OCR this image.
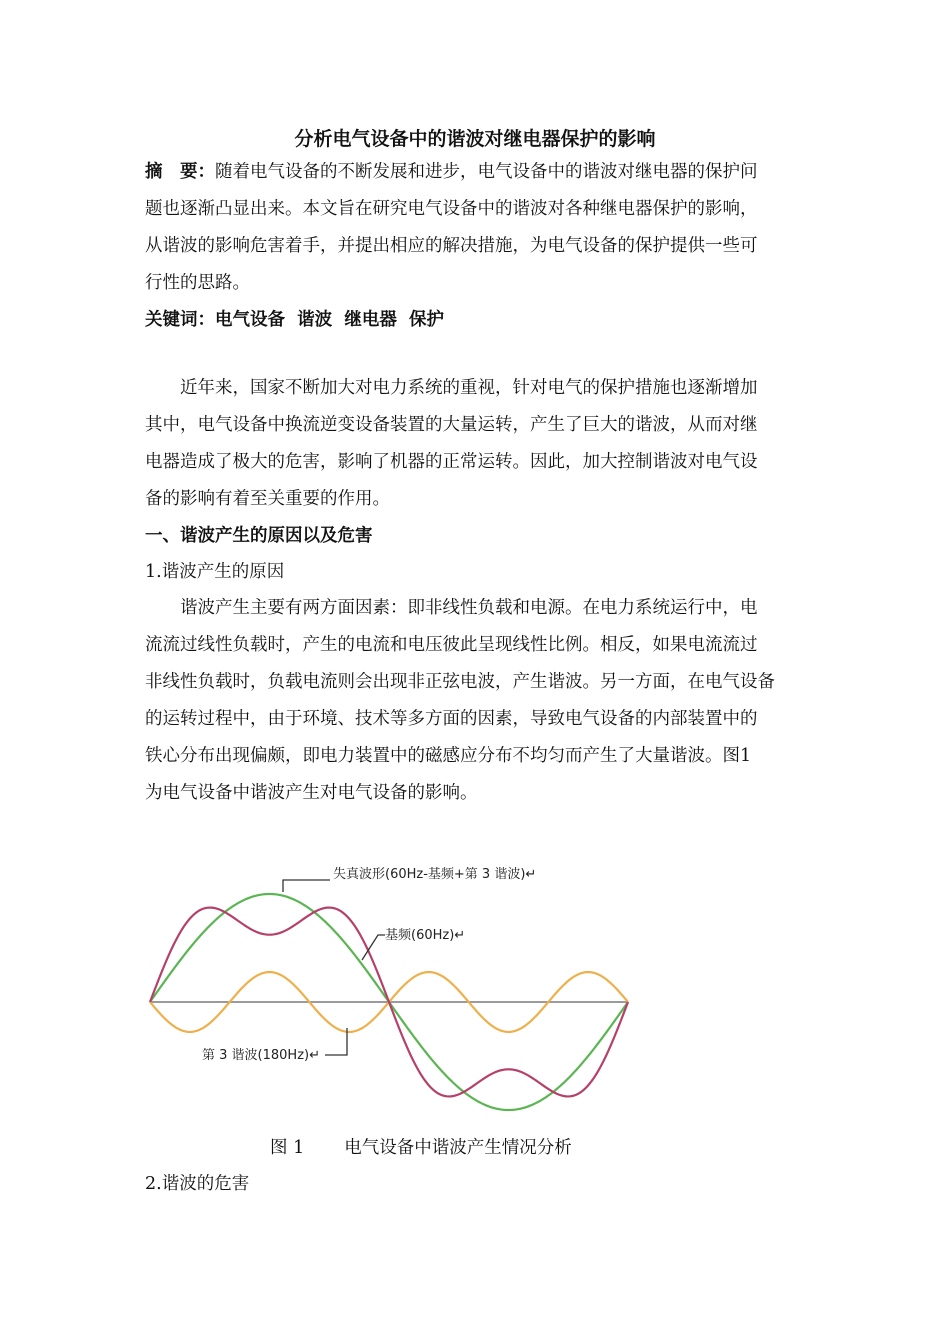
分析电气设备中的谐波对继电器保护的影响
摘　要：随着电气设备的不断发展和进步，电气设备中的谐波对继电器的保护问
题也逐渐凸显出来。本文旨在研究电气设备中的谐波对各种继电器保护的影响，
从谐波的影响危害着手，并提出相应的解决措施，为电气设备的保护提供一些可
行性的思路。
关键词：电气设备  谐波  继电器  保护
　　近年来，国家不断加大对电力系统的重视，针对电气的保护措施也逐渐增加
其中，电气设备中换流逆变设备装置的大量运转，产生了巨大的谐波，从而对继
电器造成了极大的危害，影响了机器的正常运转。因此，加大控制谐波对电气设
备的影响有着至关重要的作用。
一、谐波产生的原因以及危害
1.谐波产生的原因
　　谐波产生主要有两方面因素：即非线性负载和电源。在电力系统运行中，电
流流过线性负载时，产生的电流和电压彼此呈现线性比例。相反，如果电流流过
非线性负载时，负载电流则会出现非正弦电波，产生谐波。另一方面，在电气设备
的运转过程中，由于环境、技术等多方面的因素，导致电气设备的内部装置中的
铁心分布出现偏颇，即电力装置中的磁感应分布不均匀而产生了大量谐波。图1
为电气设备中谐波产生对电气设备的影响。
失真波形(60Hz-基频+第 3 谐波)↵
基频(60Hz)↵
第 3 谐波(180Hz)↵
图 1 电气设备中谐波产生情况分析
2.谐波的危害
